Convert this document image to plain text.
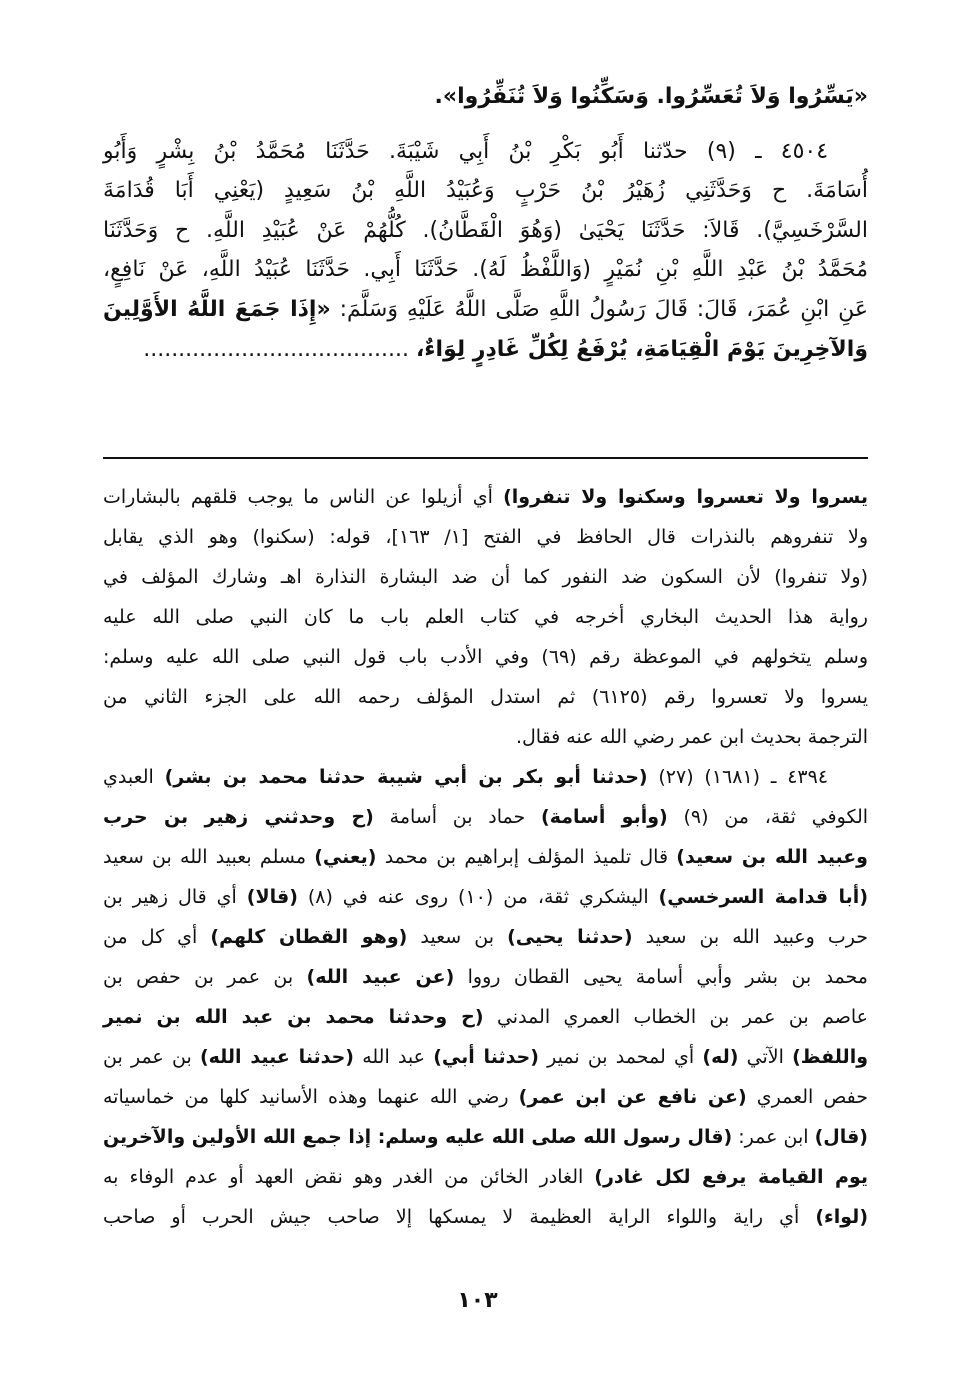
«يَسِّرُوا وَلاَ تُعَسِّرُوا. وَسَكِّنُوا وَلاَ تُنَفِّرُوا».
٤٥٠٤ ـ (٩) حدّثنا أَبُو بَكْرِ بْنُ أَبِي شَيْبَةَ. حَدَّثَنَا مُحَمَّدُ بْنُ بِشْرٍ وَأَبُو
أُسَامَةَ. ح وَحَدَّثَنِي زُهَيْرُ بْنُ حَرْبٍ وَعُبَيْدُ اللَّهِ بْنُ سَعِيدٍ (يَعْنِي أَبَا قُدَامَةَ
السَّرْخَسِيَّ). قَالاَ: حَدَّثَنَا يَحْيَىٰ (وَهُوَ الْقَطَّانُ). كُلُّهُمْ عَنْ عُبَيْدِ اللَّهِ. ح وَحَدَّثَنَا
مُحَمَّدُ بْنُ عَبْدِ اللَّهِ بْنِ نُمَيْرٍ (وَاللَّفْظُ لَهُ). حَدَّثَنَا أَبِي. حَدَّثَنَا عُبَيْدُ اللَّهِ، عَنْ نَافِعٍ،
عَنِ ابْنِ عُمَرَ، قَالَ: قَالَ رَسُولُ اللَّهِ صَلَّى اللَّهُ عَلَيْهِ وَسَلَّمَ: «إِذَا جَمَعَ اللَّهُ الأَوَّلِينَ
وَالآخِرِينَ يَوْمَ الْقِيَامَةِ، يُرْفَعُ لِكُلِّ غَادِرٍ لِوَاءٌ، ......................................
يسروا ولا تعسروا وسكنوا ولا تنفروا) أي أزيلوا عن الناس ما يوجب قلقهم بالبشارات
ولا تنفروهم بالنذرات قال الحافظ في الفتح [١/ ١٦٣]، قوله: (سكنوا) وهو الذي يقابل
(ولا تنفروا) لأن السكون ضد النفور كما أن ضد البشارة النذارة اهـ وشارك المؤلف في
رواية هذا الحديث البخاري أخرجه في كتاب العلم باب ما كان النبي صلى الله عليه
وسلم يتخولهم في الموعظة رقم (٦٩) وفي الأدب باب قول النبي صلى الله عليه وسلم:
يسروا ولا تعسروا رقم (٦١٢٥) ثم استدل المؤلف رحمه الله على الجزء الثاني من
الترجمة بحديث ابن عمر رضي الله عنه فقال.
٤٣٩٤ ـ (١٦٨١) (٢٧) (حدثنا أبو بكر بن أبي شيبة حدثنا محمد بن بشر) العبدي
الكوفي ثقة، من (٩) (وأبو أسامة) حماد بن أسامة (ح وحدثني زهير بن حرب
وعبيد الله بن سعيد) قال تلميذ المؤلف إبراهيم بن محمد (يعني) مسلم بعبيد الله بن سعيد
(أبا قدامة السرخسي) اليشكري ثقة، من (١٠) روى عنه في (٨) (قالا) أي قال زهير بن
حرب وعبيد الله بن سعيد (حدثنا يحيى) بن سعيد (وهو القطان كلهم) أي كل من
محمد بن بشر وأبي أسامة يحيى القطان رووا (عن عبيد الله) بن عمر بن حفص بن
عاصم بن عمر بن الخطاب العمري المدني (ح وحدثنا محمد بن عبد الله بن نمير
واللفظ) الآتي (له) أي لمحمد بن نمير (حدثنا أبي) عبد الله (حدثنا عبيد الله) بن عمر بن
حفص العمري (عن نافع عن ابن عمر) رضي الله عنهما وهذه الأسانيد كلها من خماسياته
(قال) ابن عمر: (قال رسول الله صلى الله عليه وسلم: إذا جمع الله الأولين والآخرين
يوم القيامة يرفع لكل غادر) الغادر الخائن من الغدر وهو نقض العهد أو عدم الوفاء به
(لواء) أي راية واللواء الراية العظيمة لا يمسكها إلا صاحب جيش الحرب أو صاحب
١٠٣
